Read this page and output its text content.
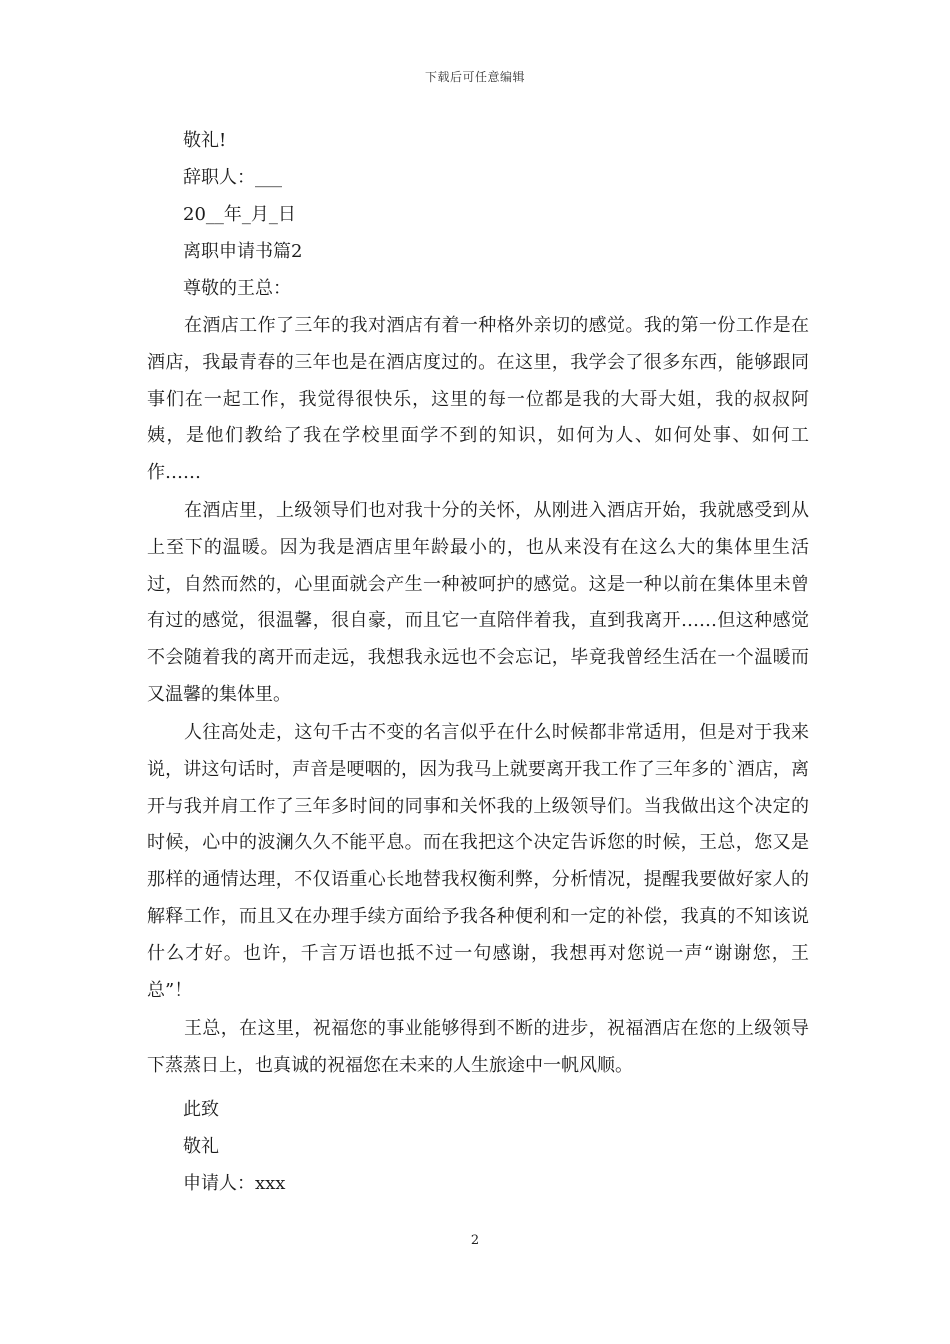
下载后可任意编辑
敬礼!
辞职人：___
20__年_月_日
离职申请书篇2
尊敬的王总：

在酒店工作了三年的我对酒店有着一种格外亲切的感觉。我的第一份工作是在酒店，我最青春的三年也是在酒店度过的。在这里，我学会了很多东西，能够跟同事们在一起工作，我觉得很快乐，这里的每一位都是我的大哥大姐，我的叔叔阿姨，是他们教给了我在学校里面学不到的知识，如何为人、如何处事、如何工作……

在酒店里，上级领导们也对我十分的关怀，从刚进入酒店开始，我就感受到从上至下的温暖。因为我是酒店里年龄最小的，也从来没有在这么大的集体里生活过，自然而然的，心里面就会产生一种被呵护的感觉。这是一种以前在集体里未曾有过的感觉，很温馨，很自豪，而且它一直陪伴着我，直到我离开……但这种感觉不会随着我的离开而走远，我想我永远也不会忘记，毕竟我曾经生活在一个温暖而又温馨的集体里。

人往高处走，这句千古不变的名言似乎在什么时候都非常适用，但是对于我来说，讲这句话时，声音是哽咽的，因为我马上就要离开我工作了三年多的`酒店，离开与我并肩工作了三年多时间的同事和关怀我的上级领导们。当我做出这个决定的时候，心中的波澜久久不能平息。而在我把这个决定告诉您的时候，王总，您又是那样的通情达理，不仅语重心长地替我权衡利弊，分析情况，提醒我要做好家人的解释工作，而且又在办理手续方面给予我各种便利和一定的补偿，我真的不知该说什么才好。也许，千言万语也抵不过一句感谢，我想再对您说一声“谢谢您，王总”！

王总，在这里，祝福您的事业能够得到不断的进步，祝福酒店在您的上级领导下蒸蒸日上，也真诚的祝福您在未来的人生旅途中一帆风顺。

此致
敬礼
申请人：xxx
2
